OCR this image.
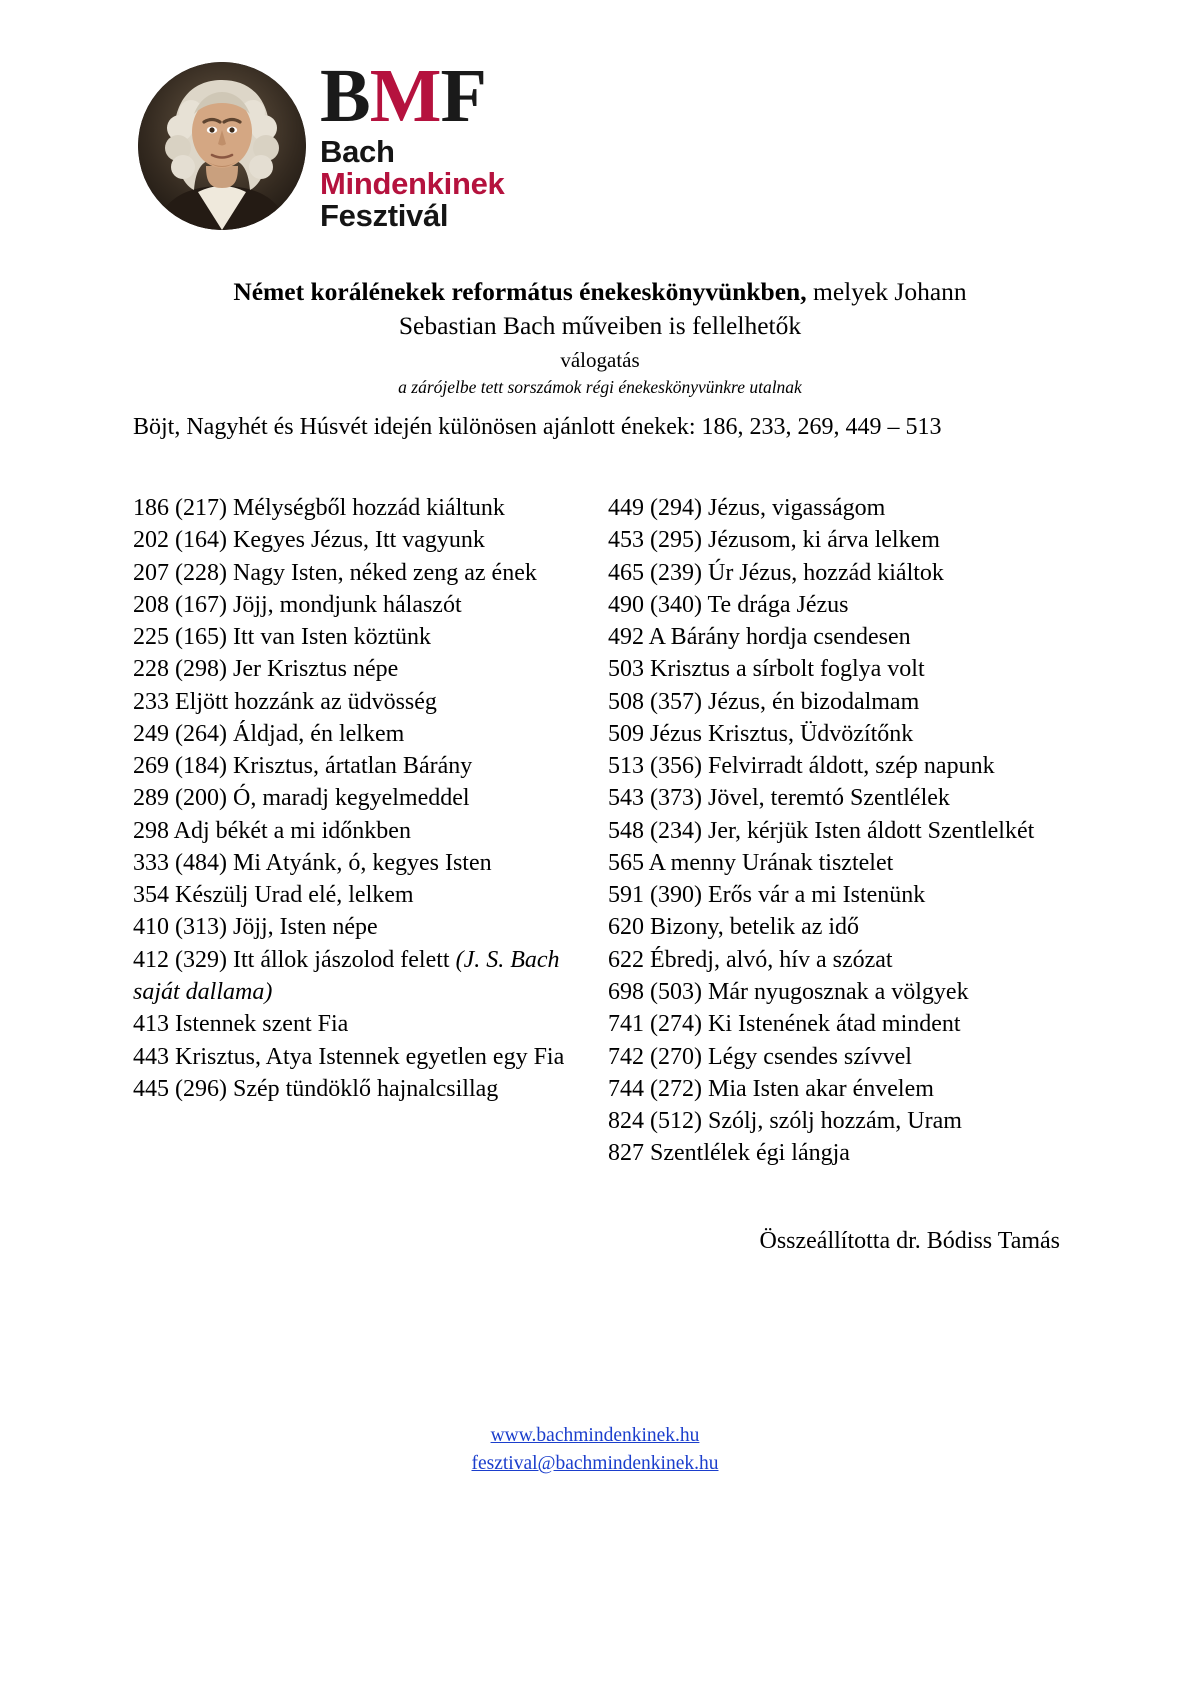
BMF
Bach
Mindenkinek
Fesztivál
Német korálénekek református énekeskönyvünkben, melyek Johann
Sebastian Bach műveiben is fellelhetők
válogatás
a zárójelbe tett sorszámok régi énekeskönyvünkre utalnak
Böjt, Nagyhét és Húsvét idején különösen ajánlott énekek: 186, 233, 269, 449 – 513
186 (217) Mélységből hozzád kiáltunk
202 (164) Kegyes Jézus, Itt vagyunk
207 (228) Nagy Isten, néked zeng az ének
208 (167) Jöjj, mondjunk hálaszót
225 (165) Itt van Isten köztünk
228 (298) Jer Krisztus népe
233 Eljött hozzánk az üdvösség
249 (264) Áldjad, én lelkem
269 (184) Krisztus, ártatlan Bárány
289 (200) Ó, maradj kegyelmeddel
298 Adj békét a mi időnkben
333 (484) Mi Atyánk, ó, kegyes Isten
354 Készülj Urad elé, lelkem
410 (313) Jöjj, Isten népe
412 (329) Itt állok jászolod felett (J. S. Bach saját dallama)
413 Istennek szent Fia
443 Krisztus, Atya Istennek egyetlen egy Fia
445 (296) Szép tündöklő hajnalcsillag
449 (294) Jézus, vigasságom
453 (295) Jézusom, ki árva lelkem
465 (239) Úr Jézus, hozzád kiáltok
490 (340) Te drága Jézus
492 A Bárány hordja csendesen
503 Krisztus a sírbolt foglya volt
508 (357) Jézus, én bizodalmam
509 Jézus Krisztus, Üdvözítőnk
513 (356) Felvirradt áldott, szép napunk
543 (373) Jövel, teremtó Szentlélek
548 (234) Jer, kérjük Isten áldott Szentlelkét
565 A menny Urának tisztelet
591 (390) Erős vár a mi Istenünk
620 Bizony, betelik az idő
622 Ébredj, alvó, hív a szózat
698 (503) Már nyugosznak a völgyek
741 (274) Ki Istenének átad mindent
742 (270) Légy csendes szívvel
744 (272) Mia Isten akar énvelem
824 (512) Szólj, szólj hozzám, Uram
827 Szentlélek égi lángja
Összeállította dr. Bódiss Tamás
www.bachmindenkinek.hu
fesztival@bachmindenkinek.hu
